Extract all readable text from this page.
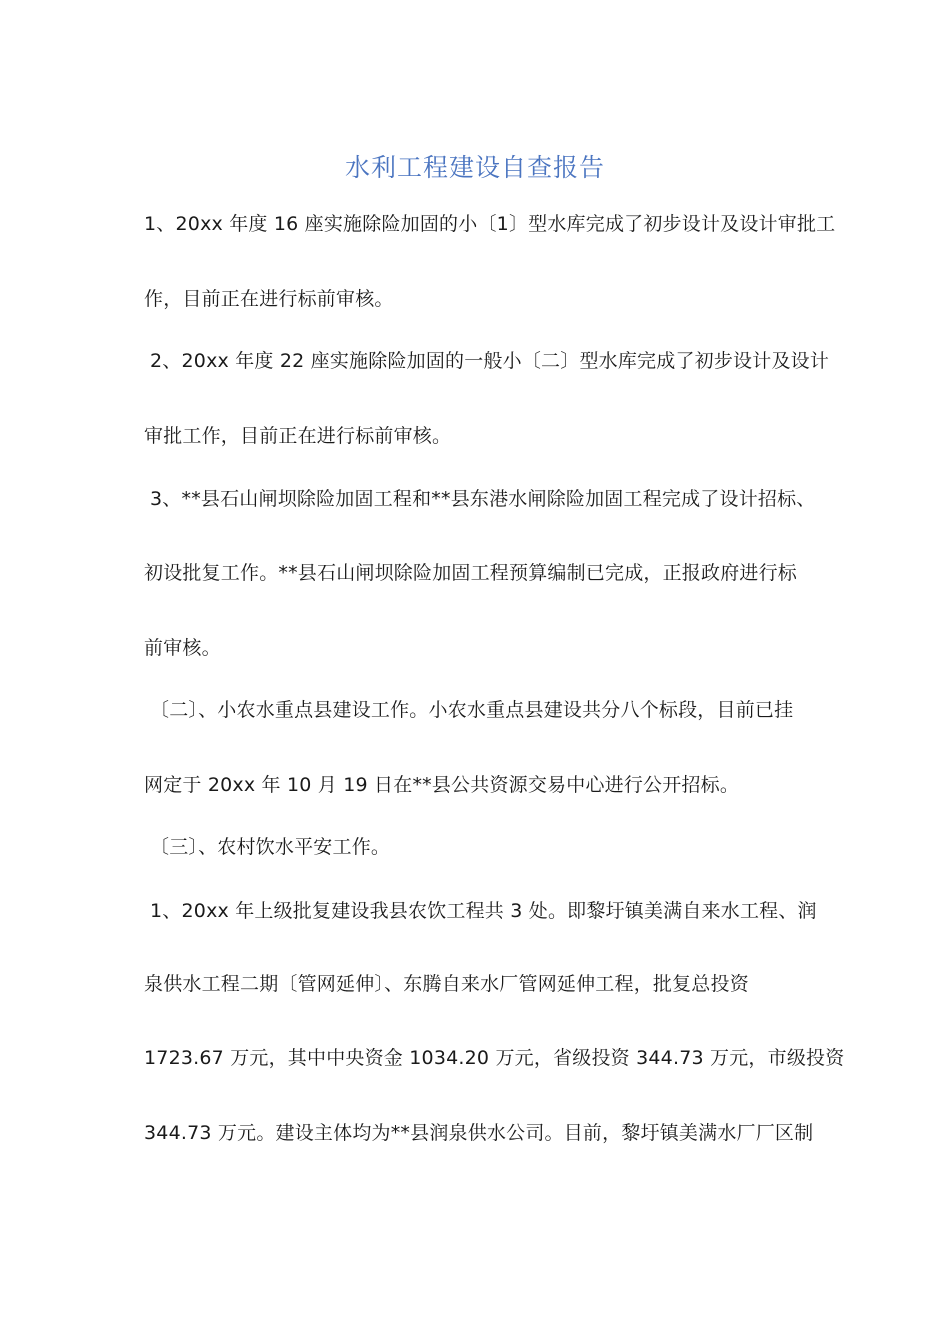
水利工程建设自查报告
1、20xx 年度 16 座实施除险加固的小〔1〕型水库完成了初步设计及设计审批工
作，目前正在进行标前审核。
2、20xx 年度 22 座实施除险加固的一般小〔二〕型水库完成了初步设计及设计
审批工作，目前正在进行标前审核。
3、**县石山闸坝除险加固工程和**县东港水闸除险加固工程完成了设计招标、
初设批复工作。**县石山闸坝除险加固工程预算编制已完成，正报政府进行标
前审核。
〔二〕、小农水重点县建设工作。小农水重点县建设共分八个标段，目前已挂
网定于 20xx 年 10 月 19 日在**县公共资源交易中心进行公开招标。
〔三〕、农村饮水平安工作。
1、20xx 年上级批复建设我县农饮工程共 3 处。即黎圩镇美满自来水工程、润
泉供水工程二期〔管网延伸〕、东腾自来水厂管网延伸工程，批复总投资
1723.67 万元，其中中央资金 1034.20 万元，省级投资 344.73 万元，市级投资
344.73 万元。建设主体均为**县润泉供水公司。目前，黎圩镇美满水厂厂区制
